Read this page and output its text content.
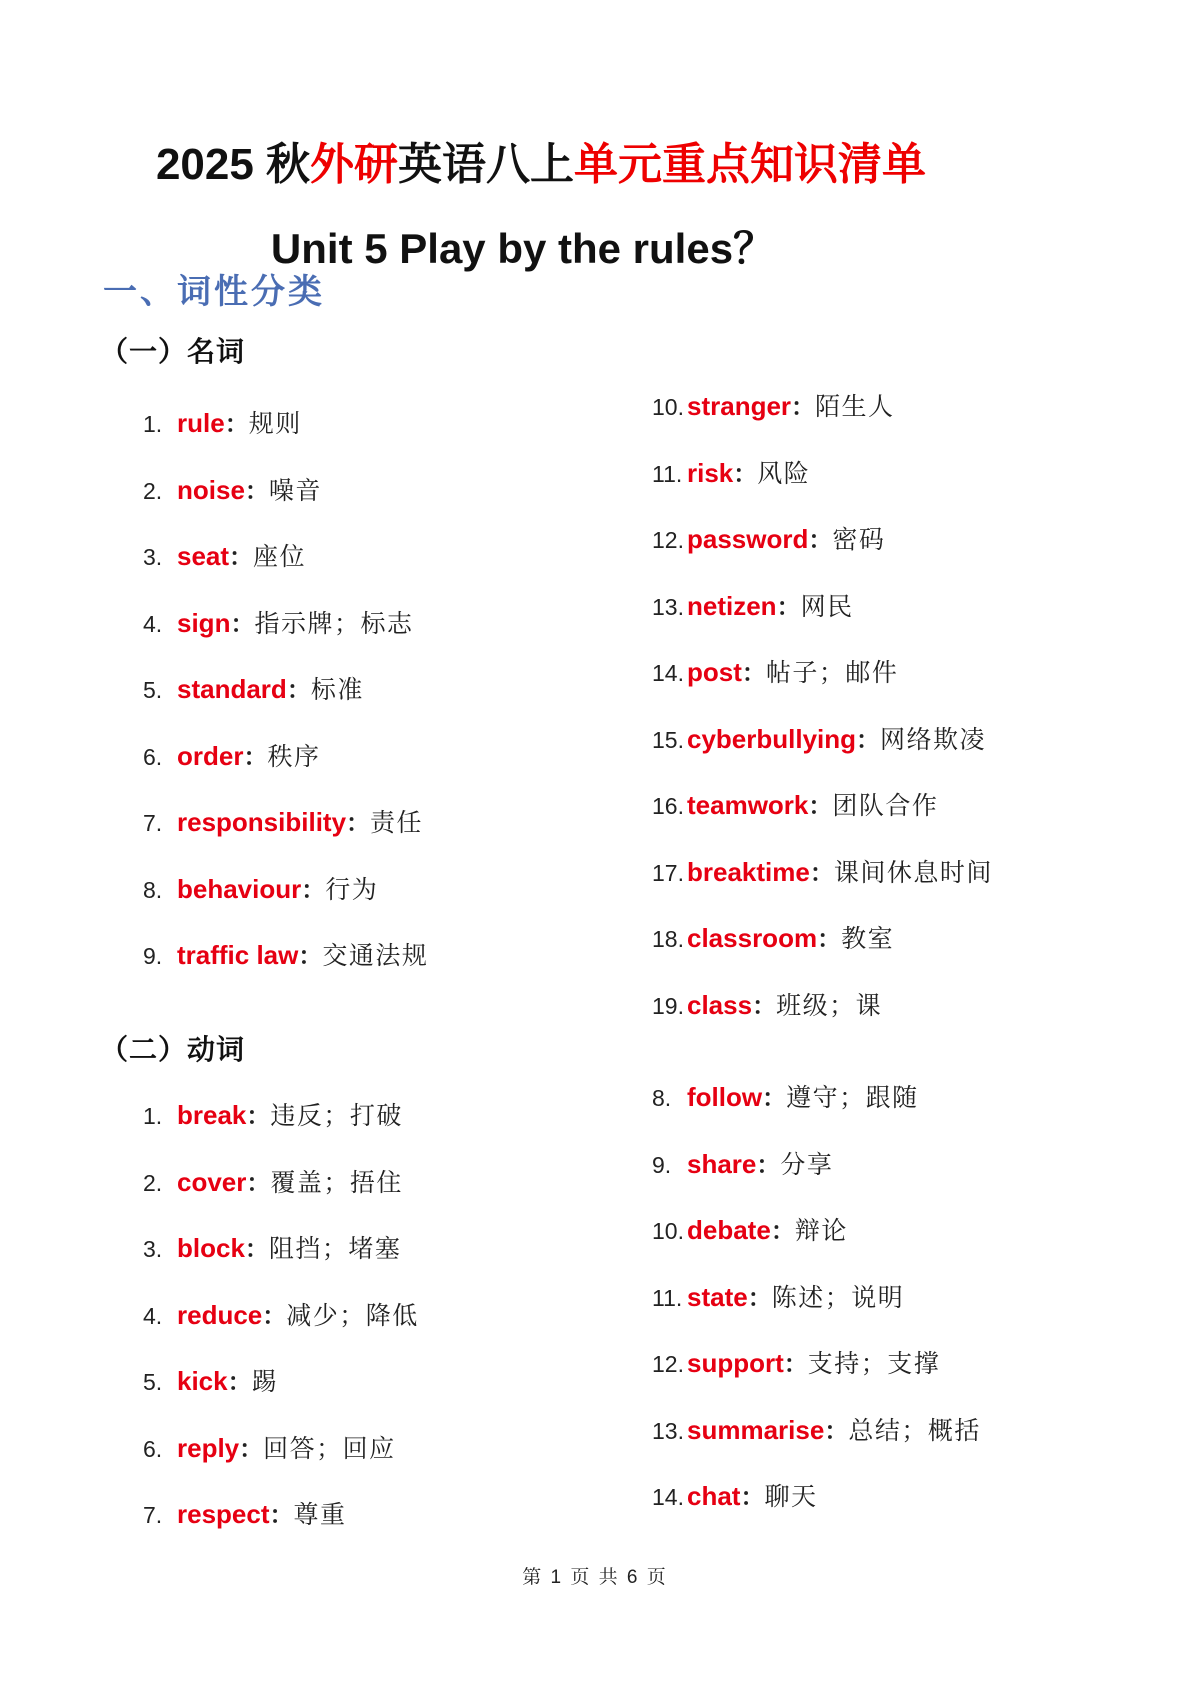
2025 秋外研英语八上单元重点知识清单
Unit 5 Play by the rules？
一、词性分类
（一）名词
1. rule：规则
2. noise：噪音
3. seat：座位
4. sign：指示牌；标志
5. standard：标准
6. order：秩序
7. responsibility：责任
8. behaviour：行为
9. traffic law：交通法规
10. stranger：陌生人
11. risk：风险
12. password：密码
13. netizen：网民
14. post：帖子；邮件
15. cyberbullying：网络欺凌
16. teamwork：团队合作
17. breaktime：课间休息时间
18. classroom：教室
19. class：班级；课
（二）动词
1. break：违反；打破
2. cover：覆盖；捂住
3. block：阻挡；堵塞
4. reduce：减少；降低
5. kick：踢
6. reply：回答；回应
7. respect：尊重
8. follow：遵守；跟随
9. share：分享
10. debate：辩论
11. state：陈述；说明
12. support：支持；支撑
13. summarise：总结；概括
14. chat：聊天
第 1 页 共 6 页
